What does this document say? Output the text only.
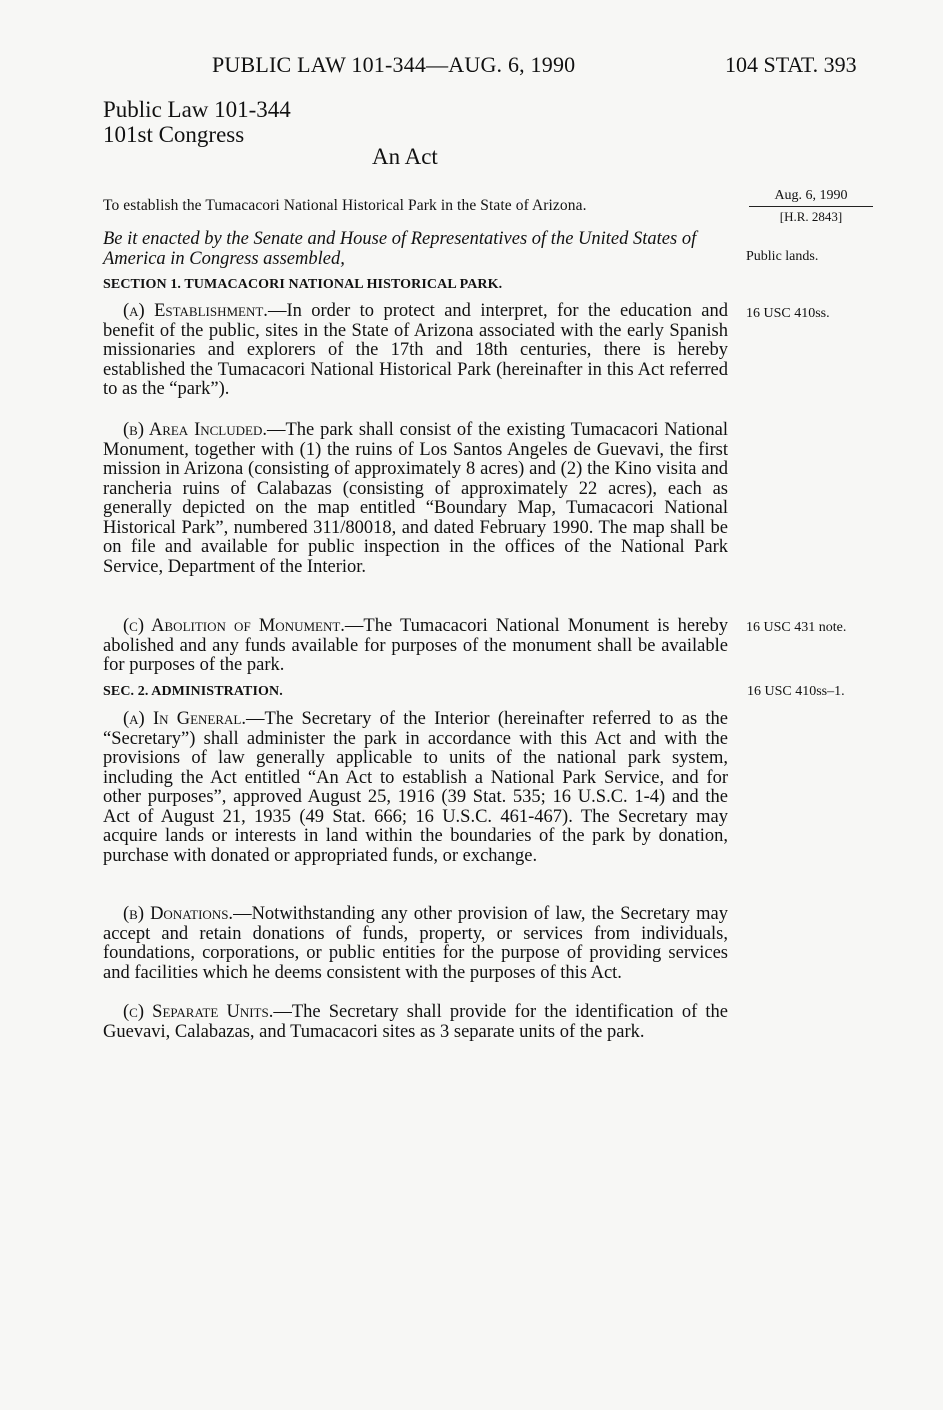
PUBLIC LAW 101-344—AUG. 6, 1990	104 STAT. 393
Public Law 101-344
101st Congress
An Act
To establish the Tumacacori National Historical Park in the State of Arizona.
Aug. 6, 1990
[H.R. 2843]
Be it enacted by the Senate and House of Representatives of the United States of America in Congress assembled,	Public lands.
SECTION 1. TUMACACORI NATIONAL HISTORICAL PARK.
(a) Establishment.—In order to protect and interpret, for the education and benefit of the public, sites in the State of Arizona associated with the early Spanish missionaries and explorers of the 17th and 18th centuries, there is hereby established the Tumacacori National Historical Park (hereinafter in this Act referred to as the “park”).
16 USC 410ss.
(b) Area Included.—The park shall consist of the existing Tumacacori National Monument, together with (1) the ruins of Los Santos Angeles de Guevavi, the first mission in Arizona (consisting of approximately 8 acres) and (2) the Kino visita and rancheria ruins of Calabazas (consisting of approximately 22 acres), each as generally depicted on the map entitled “Boundary Map, Tumacacori National Historical Park”, numbered 311/80018, and dated February 1990. The map shall be on file and available for public inspection in the offices of the National Park Service, Department of the Interior.
(c) Abolition of Monument.—The Tumacacori National Monument is hereby abolished and any funds available for purposes of the monument shall be available for purposes of the park.
16 USC 431 note.
SEC. 2. ADMINISTRATION.	16 USC 410ss–1.
(a) In General.—The Secretary of the Interior (hereinafter referred to as the “Secretary”) shall administer the park in accordance with this Act and with the provisions of law generally applicable to units of the national park system, including the Act entitled “An Act to establish a National Park Service, and for other purposes”, approved August 25, 1916 (39 Stat. 535; 16 U.S.C. 1-4) and the Act of August 21, 1935 (49 Stat. 666; 16 U.S.C. 461-467). The Secretary may acquire lands or interests in land within the boundaries of the park by donation, purchase with donated or appropriated funds, or exchange.
(b) Donations.—Notwithstanding any other provision of law, the Secretary may accept and retain donations of funds, property, or services from individuals, foundations, corporations, or public entities for the purpose of providing services and facilities which he deems consistent with the purposes of this Act.
(c) Separate Units.—The Secretary shall provide for the identification of the Guevavi, Calabazas, and Tumacacori sites as 3 separate units of the park.
